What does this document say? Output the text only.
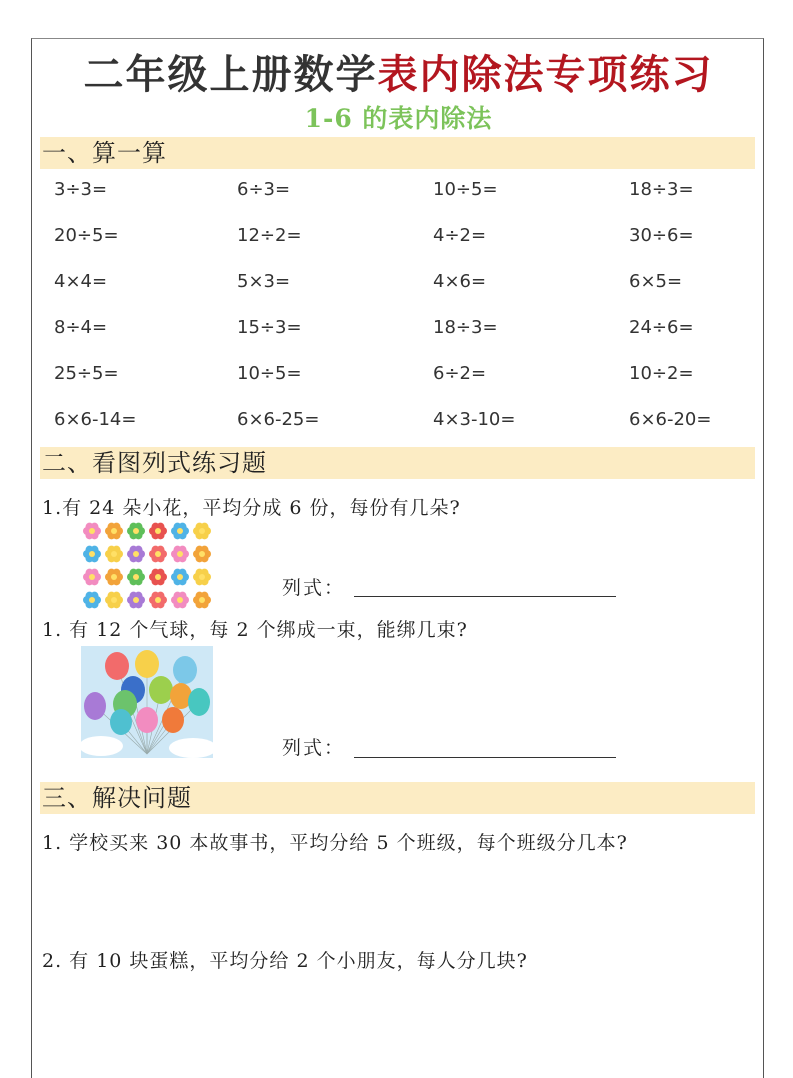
二年级上册数学表内除法专项练习
1-6 的表内除法
一、算一算
3÷3=	6÷3=	10÷5=	18÷3=
20÷5=	12÷2=	4÷2=	30÷6=
4×4=	5×3=	4×6=	6×5=
8÷4=	15÷3=	18÷3=	24÷6=
25÷5=	10÷5=	6÷2=	10÷2=
6×6-14=	6×6-25=	4×3-10=	6×6-20=
二、看图列式练习题
1.有 24 朵小花，平均分成 6 份，每份有几朵?
列式：
1. 有 12 个气球，每 2 个绑成一束，能绑几束?
列式：
三、解决问题
1. 学校买来 30 本故事书，平均分给 5 个班级，每个班级分几本?
2. 有 10 块蛋糕，平均分给 2 个小朋友，每人分几块?
